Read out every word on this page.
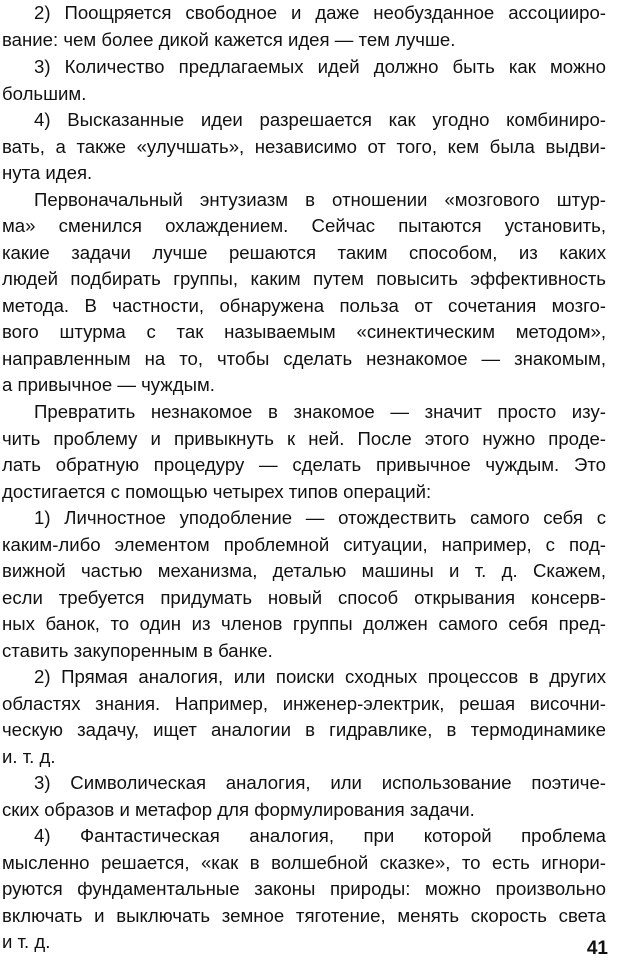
2) Поощряется свободное и даже необузданное ассоцииро-
вание: чем более дикой кажется идея — тем лучше.
3) Количество предлагаемых идей должно быть как можно
большим.
4) Высказанные идеи разрешается как угодно комбиниро-
вать, а также «улучшать», независимо от того, кем была выдви-
нута идея.
Первоначальный энтузиазм в отношении «мозгового штур-
ма» сменился охлаждением. Сейчас пытаются установить,
какие задачи лучше решаются таким способом, из каких
людей подбирать группы, каким путем повысить эффективность
метода. В частности, обнаружена польза от сочетания мозго-
вого штурма с так называемым «синектическим методом»,
направленным на то, чтобы сделать незнакомое — знакомым,
а привычное — чуждым.
Превратить незнакомое в знакомое — значит просто изу-
чить проблему и привыкнуть к ней. После этого нужно проде-
лать обратную процедуру — сделать привычное чуждым. Это
достигается с помощью четырех типов операций:
1) Личностное уподобление — отождествить самого себя с
каким-либо элементом проблемной ситуации, например, с под-
вижной частью механизма, деталью машины и т. д. Скажем,
если требуется придумать новый способ открывания консерв-
ных банок, то один из членов группы должен самого себя пред-
ставить закупоренным в банке.
2) Прямая аналогия, или поиски сходных процессов в других
областях знания. Например, инженер-электрик, решая височни-
ческую задачу, ищет аналогии в гидравлике, в термодинамике
и. т. д.
3) Символическая аналогия, или использование поэтиче-
ских образов и метафор для формулирования задачи.
4) Фантастическая аналогия, при которой проблема
мысленно решается, «как в волшебной сказке», то есть игнори-
руются фундаментальные законы природы: можно произвольно
включать и выключать земное тяготение, менять скорость света
и т. д.	41
